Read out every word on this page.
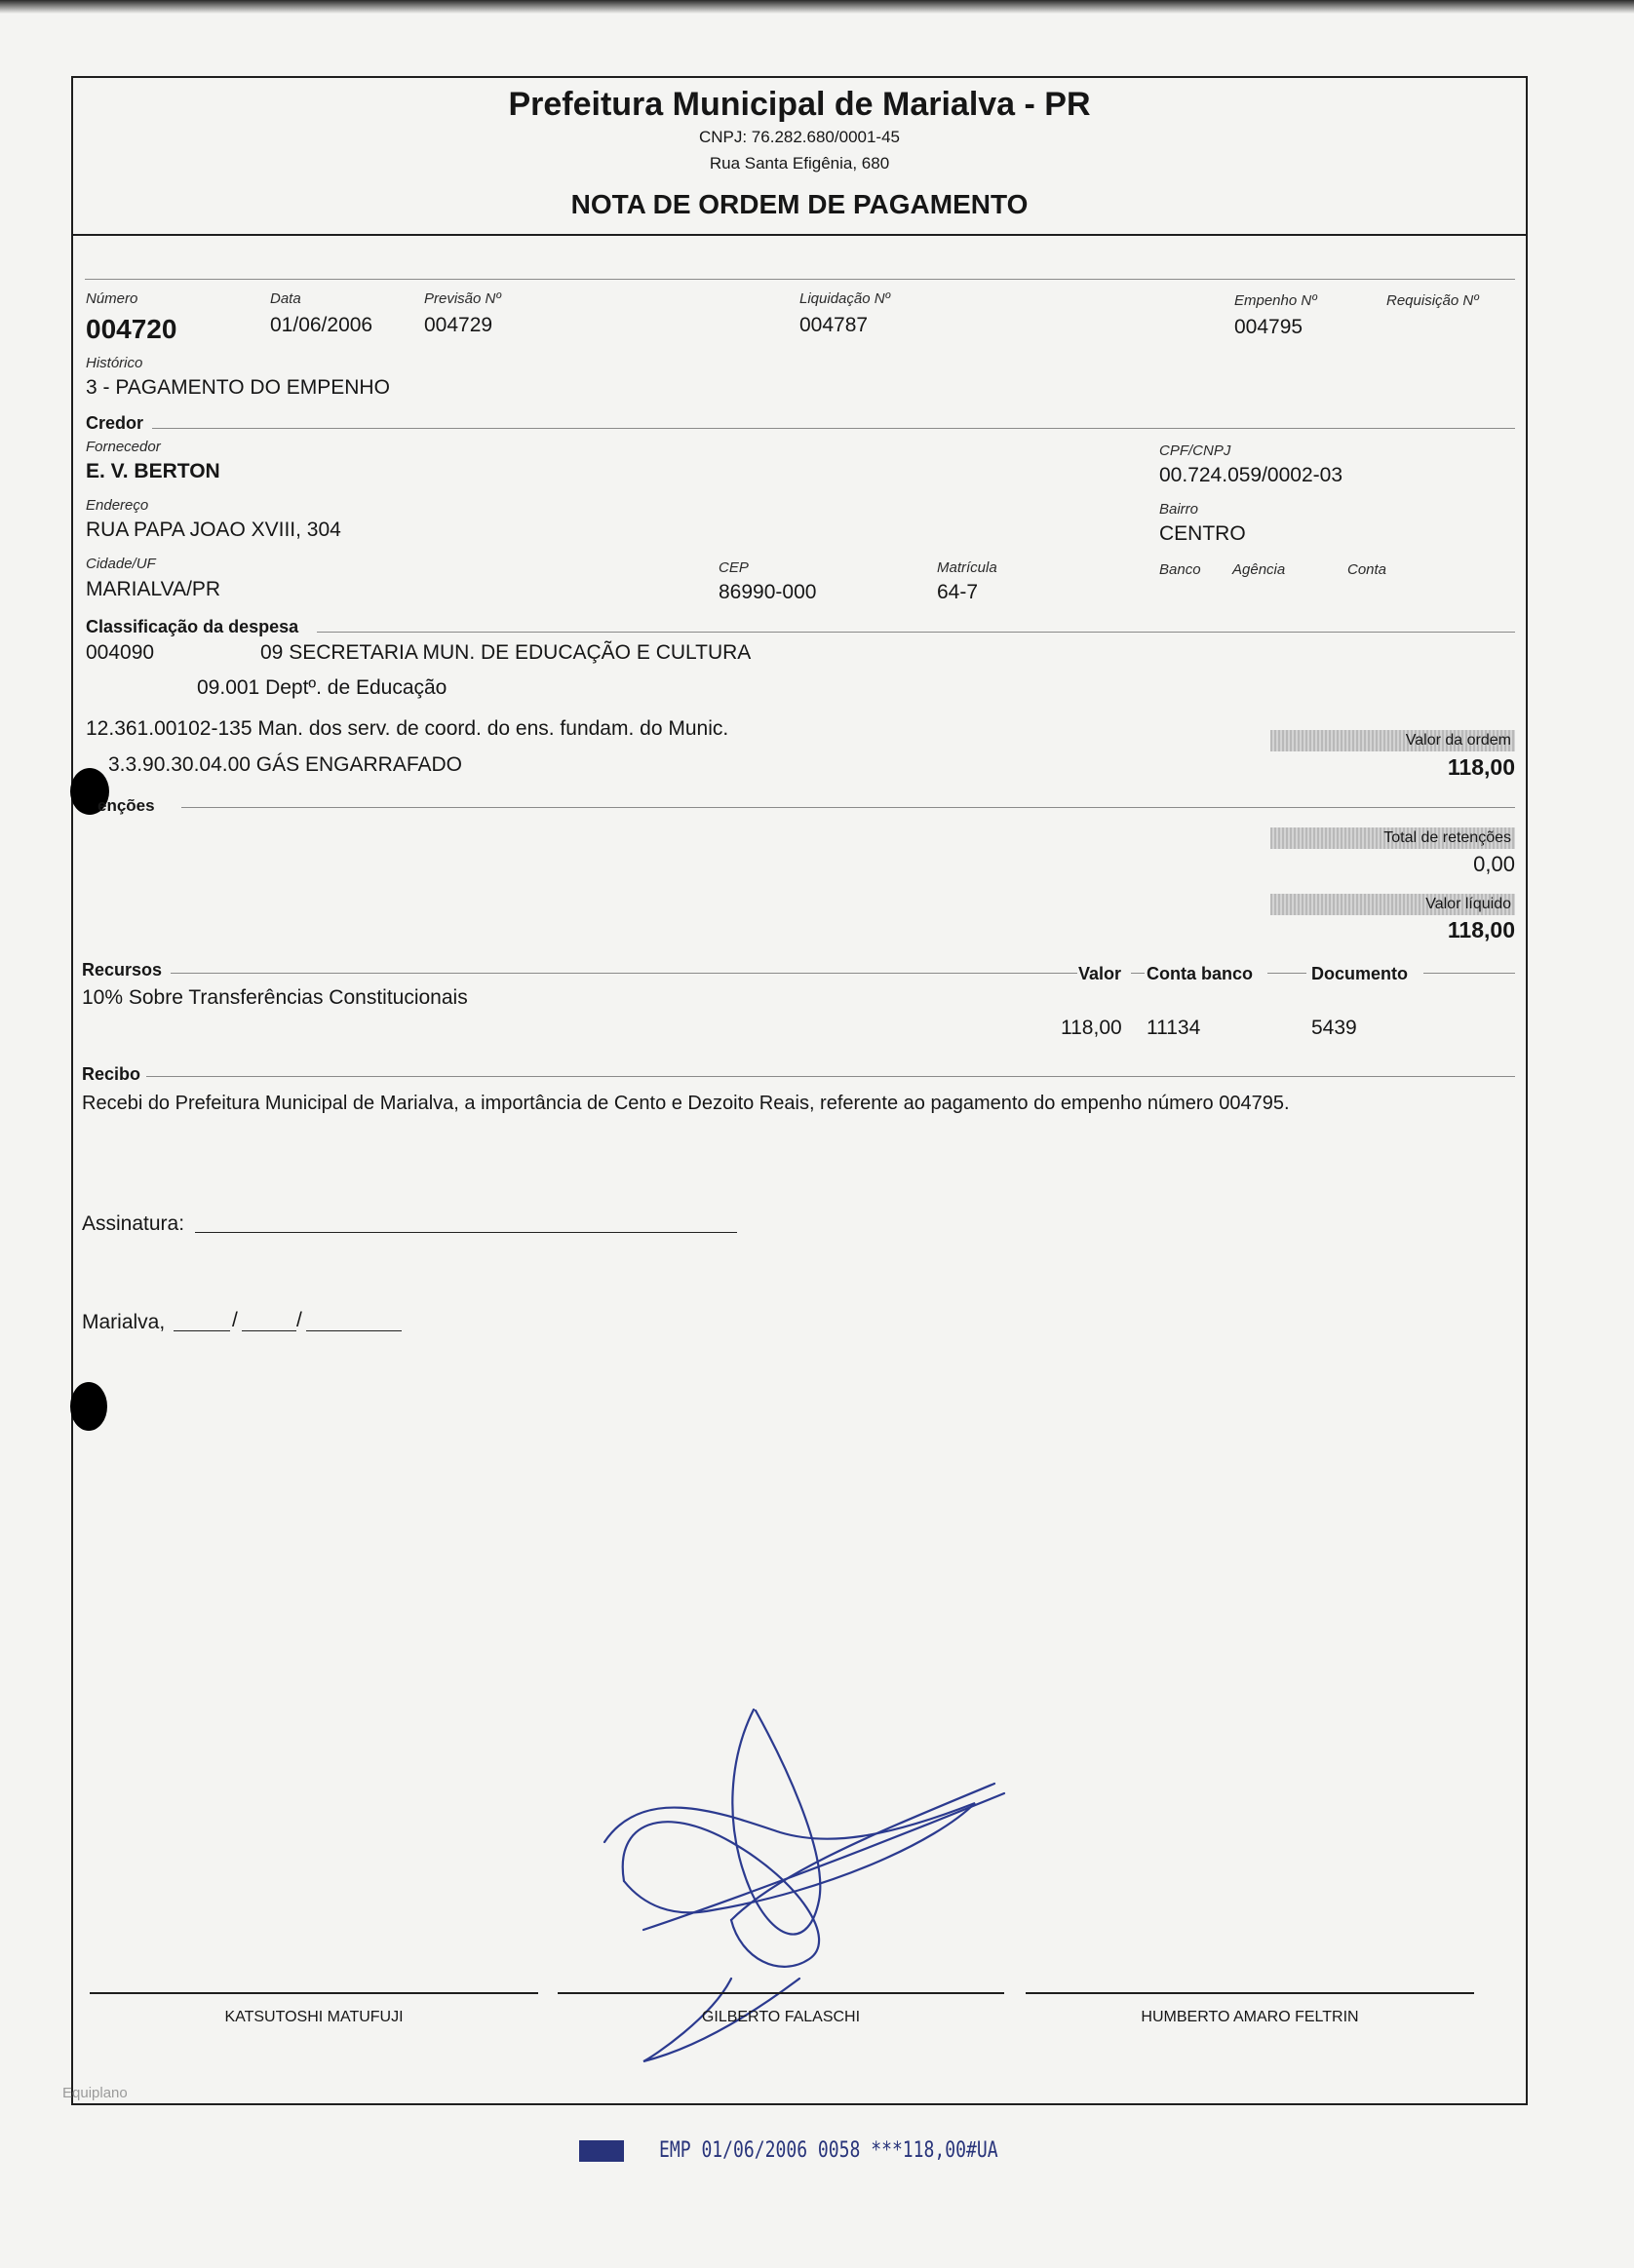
Prefeitura Municipal de Marialva - PR
CNPJ: 76.282.680/0001-45
Rua Santa Efigênia, 680
NOTA DE ORDEM DE PAGAMENTO
Número
004720
Data
01/06/2006
Previsão Nº
004729
Liquidação Nº
004787
Empenho Nº
004795
Requisição Nº
Histórico
3 - PAGAMENTO DO EMPENHO
Credor
Fornecedor
E. V. BERTON
CPF/CNPJ
00.724.059/0002-03
Endereço
RUA PAPA JOAO XVIII, 304
Bairro
CENTRO
Cidade/UF
MARIALVA/PR
CEP
86990-000
Matrícula
64-7
Banco Agência	Conta
Classificação da despesa
004090	09 SECRETARIA MUN. DE EDUCAÇÃO E CULTURA
09.001 Deptº. de Educação
12.361.00102-135 Man. dos serv. de coord. do ens. fundam. do Munic.
3.3.90.30.04.00 GÁS ENGARRAFADO
Valor da ordem
118,00
enções
Total de retenções
0,00
Valor líquido
118,00
Recursos	Valor Conta banco	Documento
10% Sobre Transferências Constitucionais
118,00 11134	5439
Recibo
Recebi do Prefeitura Municipal de Marialva, a importância de Cento e Dezoito Reais, referente ao pagamento do empenho número 004795.
Assinatura:
Marialva,	/	/
KATSUTOSHI MATUFUJI	GILBERTO FALASCHI	HUMBERTO AMARO FELTRIN
Equiplano
EMP 01/06/2006 0058 ***118,00#UA
